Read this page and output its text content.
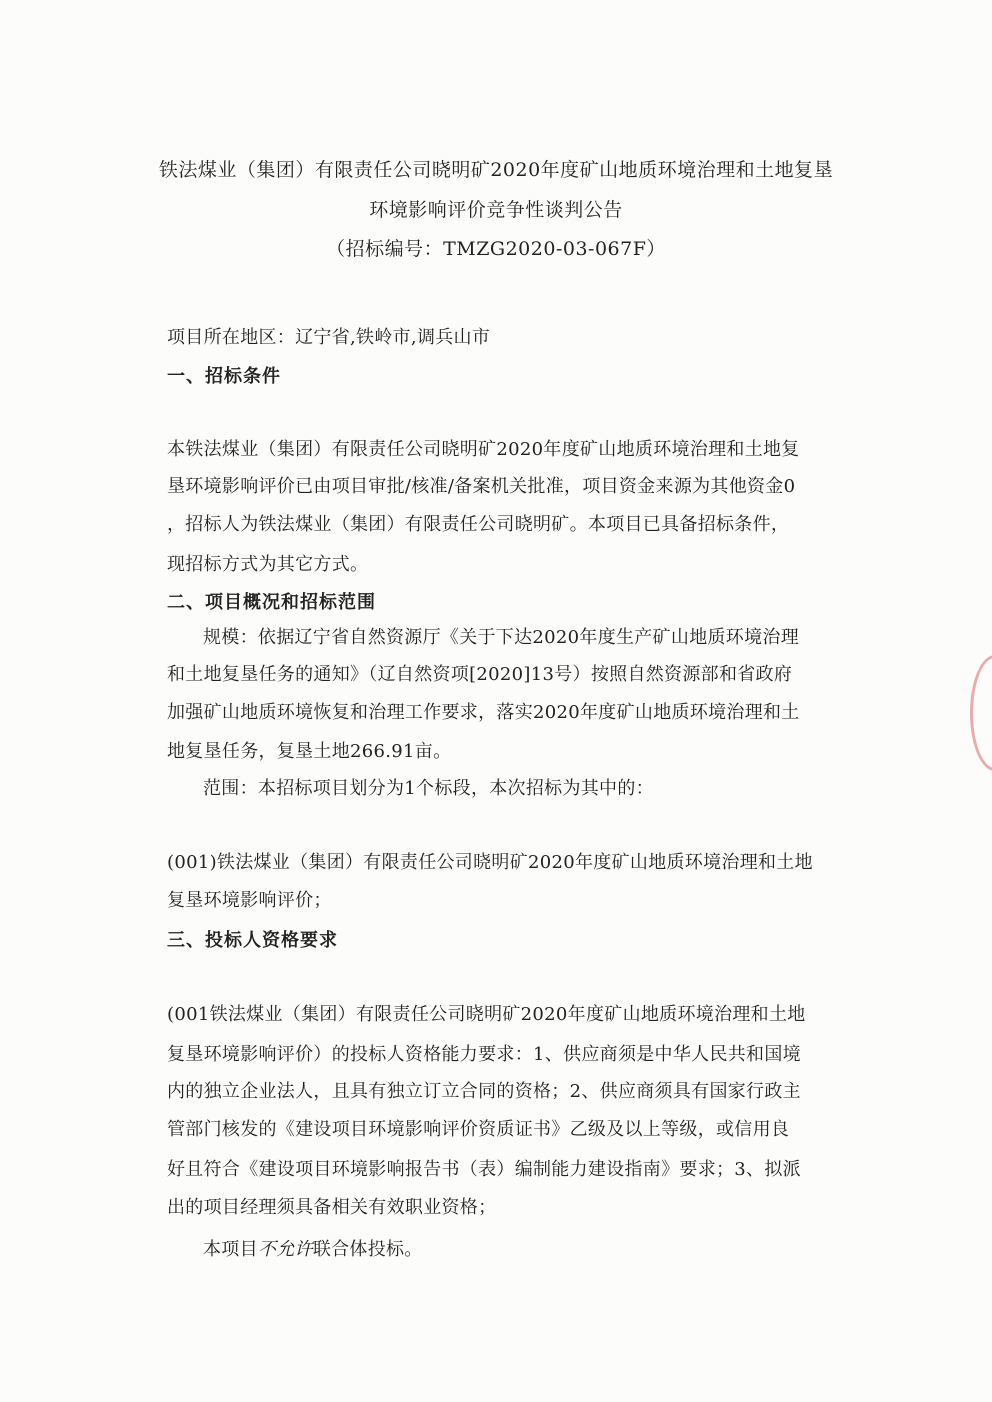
铁法煤业（集团）有限责任公司晓明矿2020年度矿山地质环境治理和土地复垦
环境影响评价竞争性谈判公告
（招标编号：TMZG2020-03-067F）
项目所在地区：辽宁省,铁岭市,调兵山市
一、招标条件
本铁法煤业（集团）有限责任公司晓明矿2020年度矿山地质环境治理和土地复
垦环境影响评价已由项目审批/核准/备案机关批准，项目资金来源为其他资金0
，招标人为铁法煤业（集团）有限责任公司晓明矿。本项目已具备招标条件，
现招标方式为其它方式。
二、项目概况和招标范围
规模：依据辽宁省自然资源厅《关于下达2020年度生产矿山地质环境治理
和土地复垦任务的通知》（辽自然资项[2020]13号）按照自然资源部和省政府
加强矿山地质环境恢复和治理工作要求，落实2020年度矿山地质环境治理和土
地复垦任务，复垦土地266.91亩。
范围：本招标项目划分为1个标段，本次招标为其中的：
(001)铁法煤业（集团）有限责任公司晓明矿2020年度矿山地质环境治理和土地
复垦环境影响评价；
三、投标人资格要求
(001铁法煤业（集团）有限责任公司晓明矿2020年度矿山地质环境治理和土地
复垦环境影响评价）的投标人资格能力要求：1、供应商须是中华人民共和国境
内的独立企业法人，且具有独立订立合同的资格；2、供应商须具有国家行政主
管部门核发的《建设项目环境影响评价资质证书》乙级及以上等级，或信用良
好且符合《建设项目环境影响报告书（表）编制能力建设指南》要求；3、拟派
出的项目经理须具备相关有效职业资格；
本项目不允许联合体投标。
